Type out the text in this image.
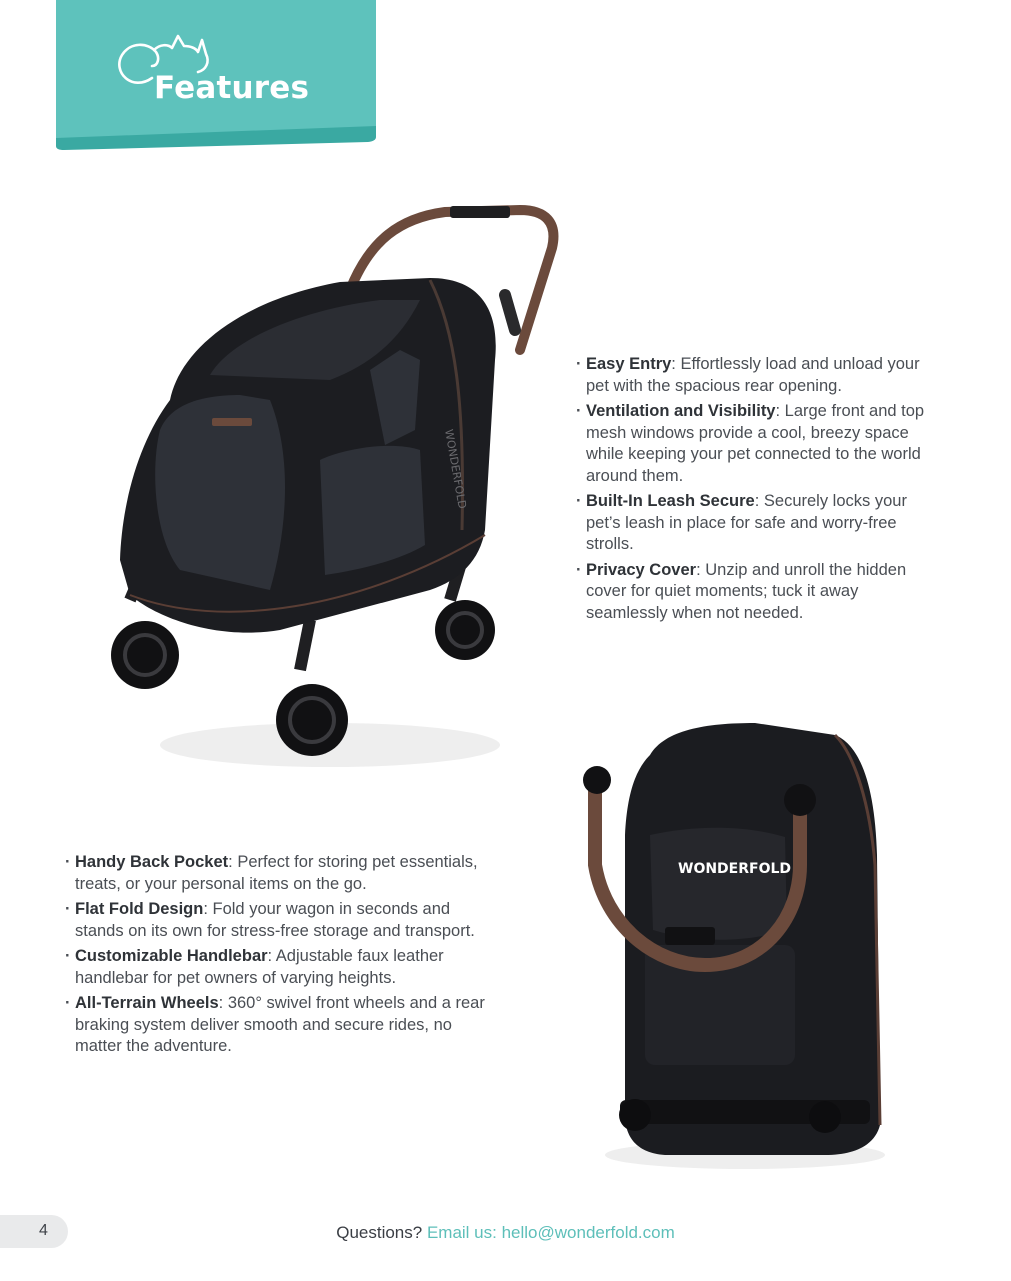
Features
WONDERFOLD
WONDERFOLD
· Easy Entry: Effortlessly load and unload your pet with the spacious rear opening.
· Ventilation and Visibility: Large front and top mesh windows provide a cool, breezy space while keeping your pet connected to the world around them.
· Built-In Leash Secure: Securely locks your pet’s leash in place for safe and worry-free strolls.
· Privacy Cover: Unzip and unroll the hidden cover for quiet moments; tuck it away seamlessly when not needed.
· Handy Back Pocket: Perfect for storing pet essentials, treats, or your personal items on the go.
· Flat Fold Design: Fold your wagon in seconds and stands on its own for stress-free storage and transport.
· Customizable Handlebar: Adjustable faux leather handlebar for pet owners of varying heights.
· All-Terrain Wheels: 360° swivel front wheels and a rear braking system deliver smooth and secure rides, no matter the adventure.
4	Questions? Email us: hello@wonderfold.com
